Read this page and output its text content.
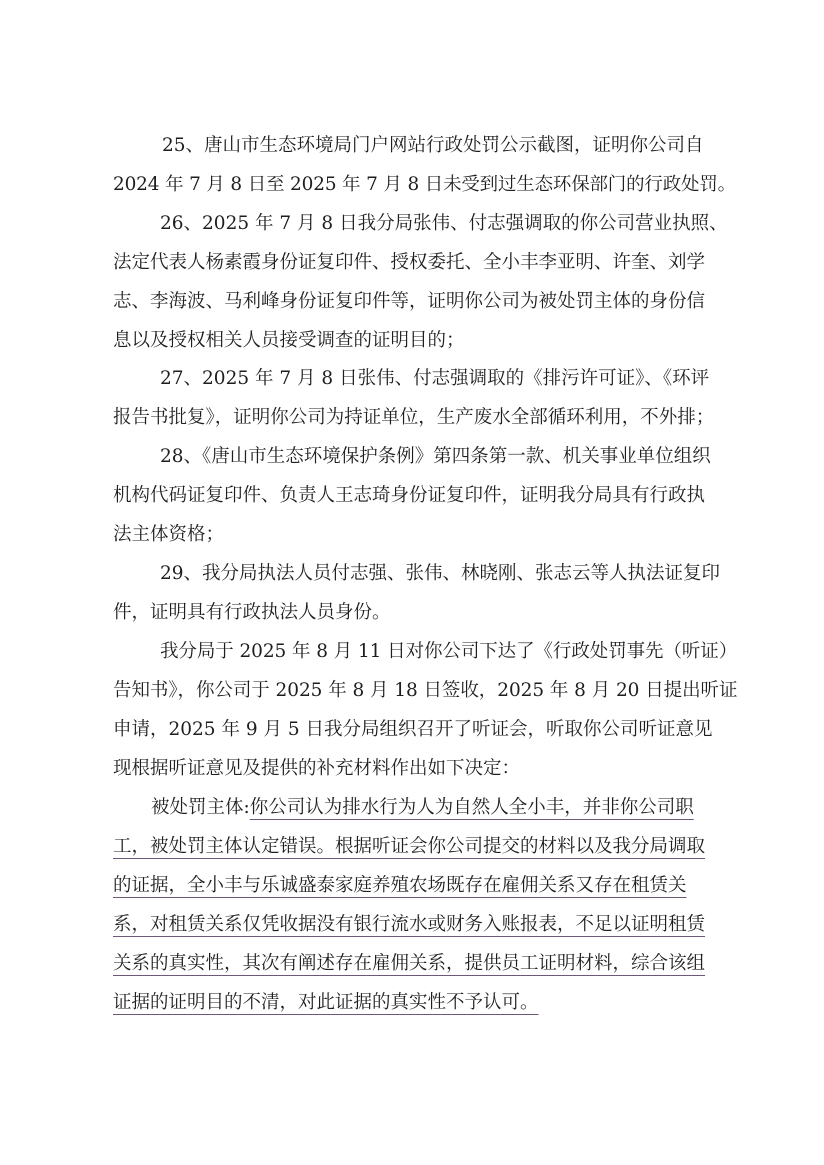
25、唐山市生态环境局门户网站行政处罚公示截图，证明你公司自
2024 年 7 月 8 日至 2025 年 7 月 8 日未受到过生态环保部门的行政处罚。
26、2025 年 7 月 8 日我分局张伟、付志强调取的你公司营业执照、
法定代表人杨素霞身份证复印件、授权委托、全小丰李亚明、许奎、刘学
志、李海波、马利峰身份证复印件等，证明你公司为被处罚主体的身份信
息以及授权相关人员接受调查的证明目的；
27、2025 年 7 月 8 日张伟、付志强调取的《排污许可证》、《环评
报告书批复》，证明你公司为持证单位，生产废水全部循环利用，不外排；
28、《唐山市生态环境保护条例》第四条第一款、机关事业单位组织
机构代码证复印件、负责人王志琦身份证复印件，证明我分局具有行政执
法主体资格；
29、我分局执法人员付志强、张伟、林晓刚、张志云等人执法证复印
件，证明具有行政执法人员身份。
我分局于 2025 年 8 月 11 日对你公司下达了《行政处罚事先（听证）
告知书》，你公司于 2025 年 8 月 18 日签收，2025 年 8 月 20 日提出听证
申请，2025 年 9 月 5 日我分局组织召开了听证会，听取你公司听证意见
现根据听证意见及提供的补充材料作出如下决定：
被处罚主体:你公司认为排水行为人为自然人全小丰，并非你公司职
工，被处罚主体认定错误。根据听证会你公司提交的材料以及我分局调取
的证据，全小丰与乐诚盛泰家庭养殖农场既存在雇佣关系又存在租赁关
系，对租赁关系仅凭收据没有银行流水或财务入账报表，不足以证明租赁
关系的真实性，其次有阐述存在雇佣关系，提供员工证明材料，综合该组
证据的证明目的不清，对此证据的真实性不予认可。
